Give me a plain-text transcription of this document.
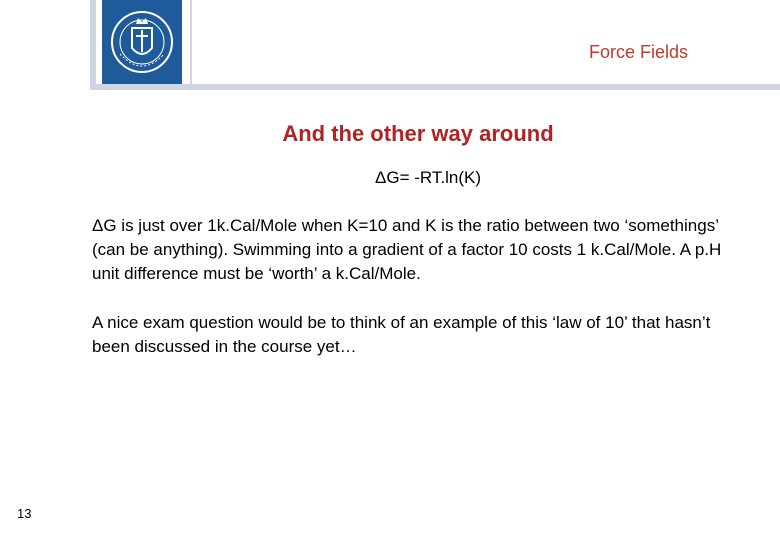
Force Fields
And the other way around
ΔG= -RT.ln(K)
ΔG is just over 1k.Cal/Mole when K=10 and K is the ratio between two ‘somethings’ (can be anything). Swimming into a gradient of a factor 10 costs 1 k.Cal/Mole. A p.H unit difference must be ‘worth’ a k.Cal/Mole.
A nice exam question would be to think of an example of this ‘law of 10’ that hasn’t been discussed in the course yet…
13
